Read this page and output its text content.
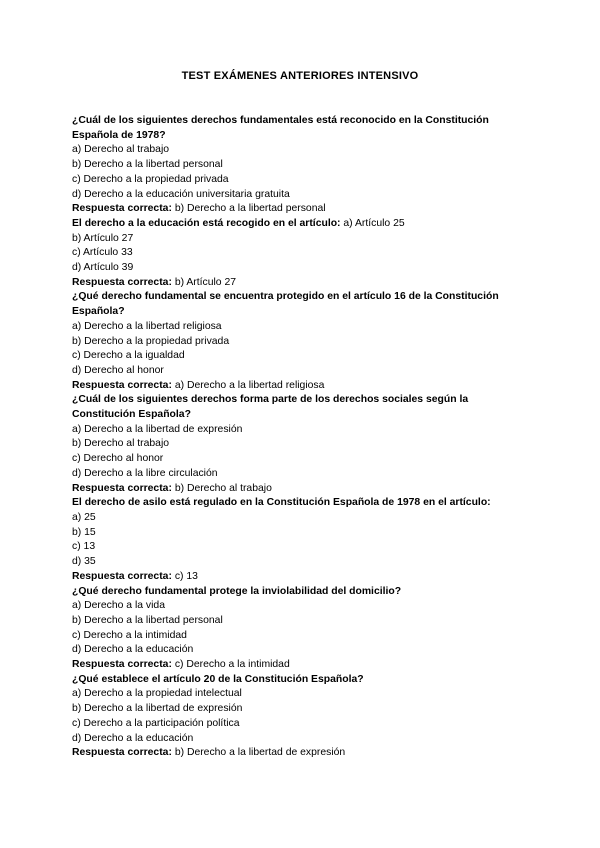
TEST EXÁMENES ANTERIORES INTENSIVO
¿Cuál de los siguientes derechos fundamentales está reconocido en la Constitución Española de 1978?
a) Derecho al trabajo
b) Derecho a la libertad personal
c) Derecho a la propiedad privada
d) Derecho a la educación universitaria gratuita
Respuesta correcta: b) Derecho a la libertad personal
El derecho a la educación está recogido en el artículo: a) Artículo 25
b) Artículo 27
c) Artículo 33
d) Artículo 39
Respuesta correcta: b) Artículo 27
¿Qué derecho fundamental se encuentra protegido en el artículo 16 de la Constitución Española?
a) Derecho a la libertad religiosa
b) Derecho a la propiedad privada
c) Derecho a la igualdad
d) Derecho al honor
Respuesta correcta: a) Derecho a la libertad religiosa
¿Cuál de los siguientes derechos forma parte de los derechos sociales según la Constitución Española?
a) Derecho a la libertad de expresión
b) Derecho al trabajo
c) Derecho al honor
d) Derecho a la libre circulación
Respuesta correcta: b) Derecho al trabajo
El derecho de asilo está regulado en la Constitución Española de 1978 en el artículo:
a) 25
b) 15
c) 13
d) 35
Respuesta correcta: c) 13
¿Qué derecho fundamental protege la inviolabilidad del domicilio?
a) Derecho a la vida
b) Derecho a la libertad personal
c) Derecho a la intimidad
d) Derecho a la educación
Respuesta correcta: c) Derecho a la intimidad
¿Qué establece el artículo 20 de la Constitución Española?
a) Derecho a la propiedad intelectual
b) Derecho a la libertad de expresión
c) Derecho a la participación política
d) Derecho a la educación
Respuesta correcta: b) Derecho a la libertad de expresión
